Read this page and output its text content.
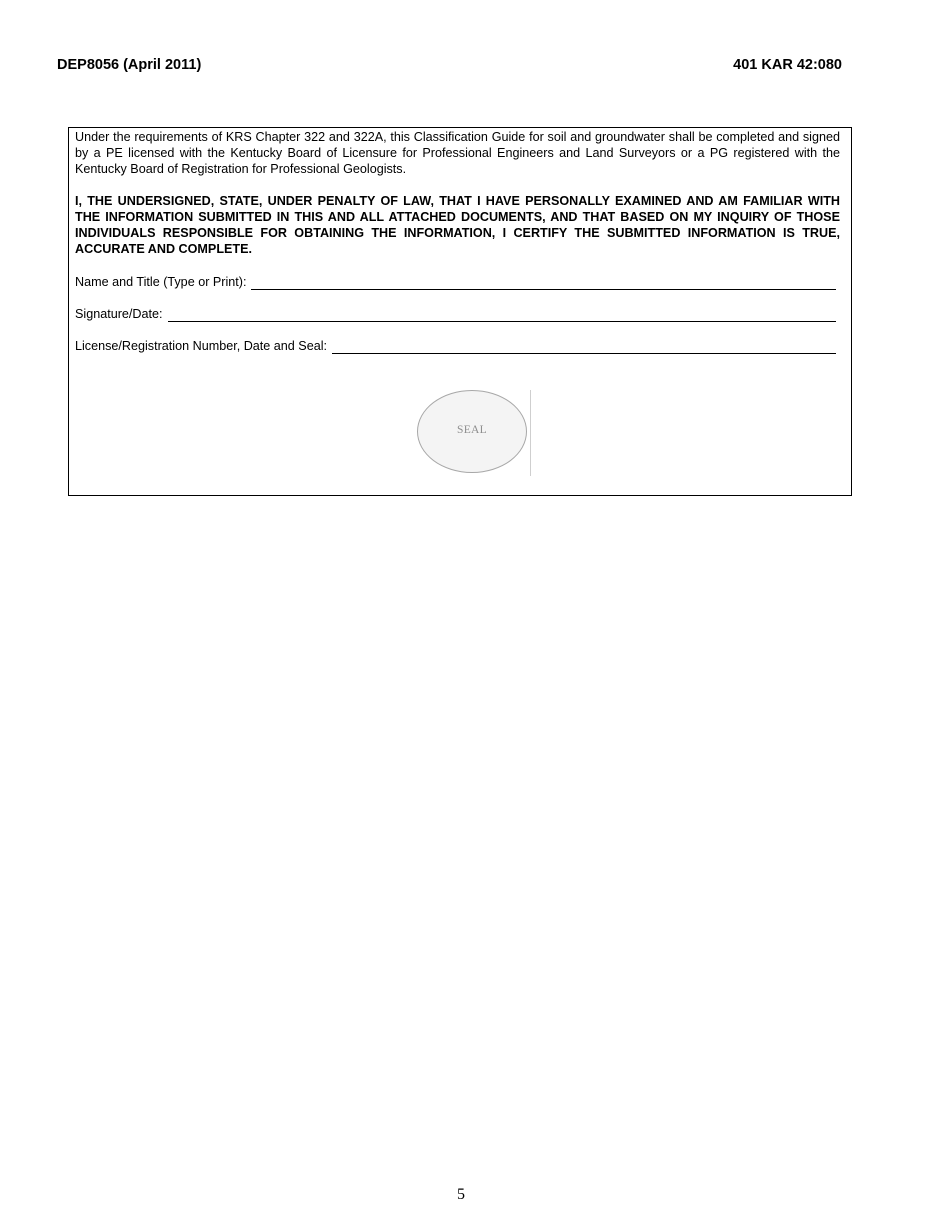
DEP8056 (April 2011)	401 KAR 42:080

Under the requirements of KRS Chapter 322 and 322A, this Classification Guide for soil and groundwater shall be completed and signed by a PE licensed with the Kentucky Board of Licensure for Professional Engineers and Land Surveyors or a PG registered with the Kentucky Board of Registration for Professional Geologists.

I, THE UNDERSIGNED, STATE, UNDER PENALTY OF LAW, THAT I HAVE PERSONALLY EXAMINED AND AM FAMILIAR WITH THE INFORMATION SUBMITTED IN THIS AND ALL ATTACHED DOCUMENTS, AND THAT BASED ON MY INQUIRY OF THOSE INDIVIDUALS RESPONSIBLE FOR OBTAINING THE INFORMATION, I CERTIFY THE SUBMITTED INFORMATION IS TRUE, ACCURATE AND COMPLETE.

Name and Title (Type or Print):
Signature/Date:
License/Registration Number, Date and Seal:
SEAL
5
